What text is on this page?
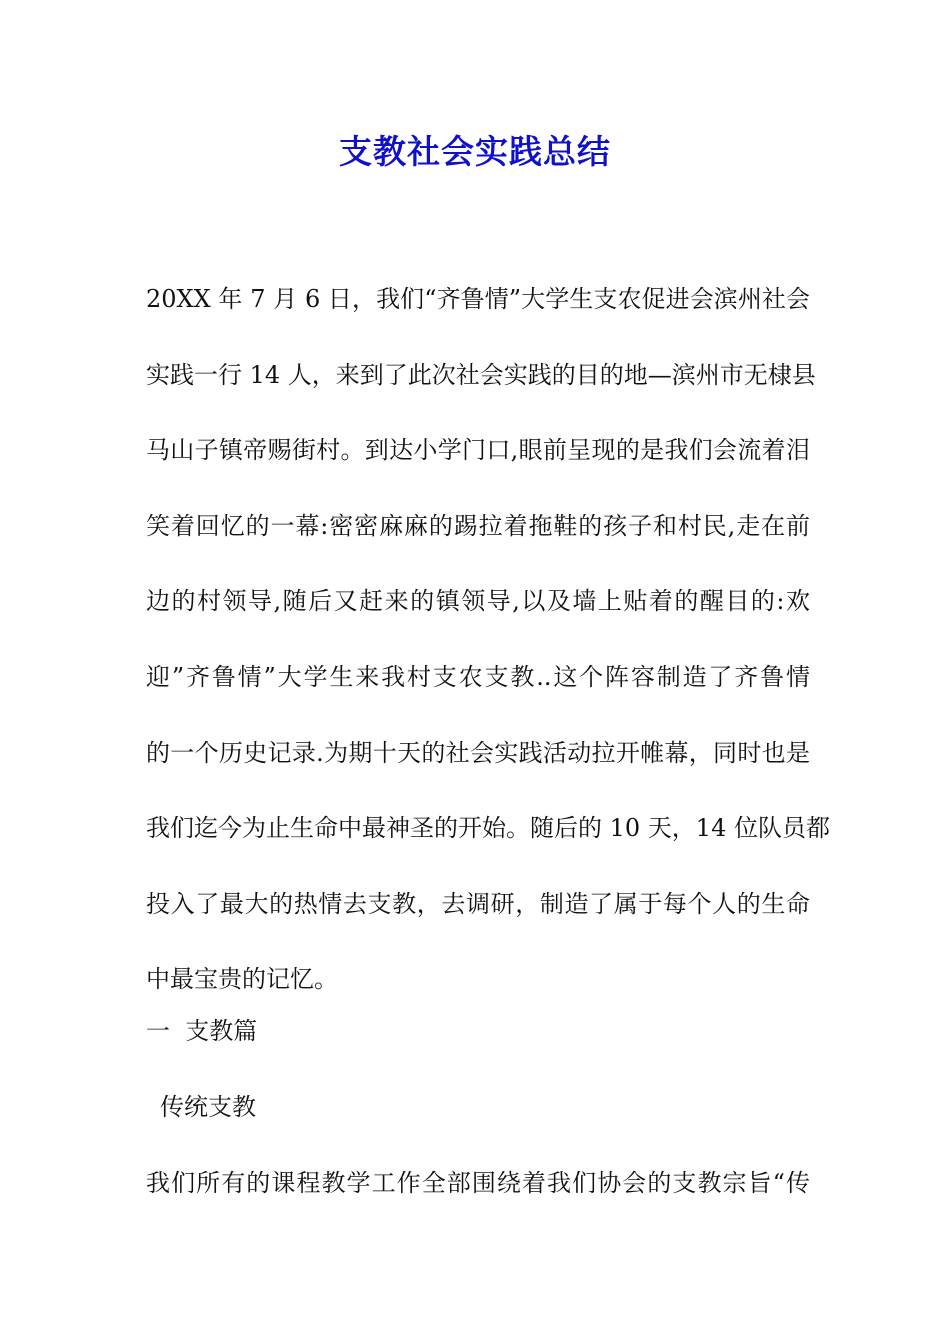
支教社会实践总结
20XX 年 7 月 6 日，我们“齐鲁情”大学生支农促进会滨州社会
实践一行 14 人，来到了此次社会实践的目的地—滨州市无棣县
马山子镇帝赐街村。到达小学门口,眼前呈现的是我们会流着泪
笑着回忆的一幕:密密麻麻的踢拉着拖鞋的孩子和村民,走在前
边的村领导,随后又赶来的镇领导,以及墙上贴着的醒目的:欢
迎”齐鲁情”大学生来我村支农支教..这个阵容制造了齐鲁情
的一个历史记录.为期十天的社会实践活动拉开帷幕，同时也是
我们迄今为止生命中最神圣的开始。随后的 10 天，14 位队员都
投入了最大的热情去支教，去调研，制造了属于每个人的生命
中最宝贵的记忆。
一  支教篇
传统支教
我们所有的课程教学工作全部围绕着我们协会的支教宗旨“传
